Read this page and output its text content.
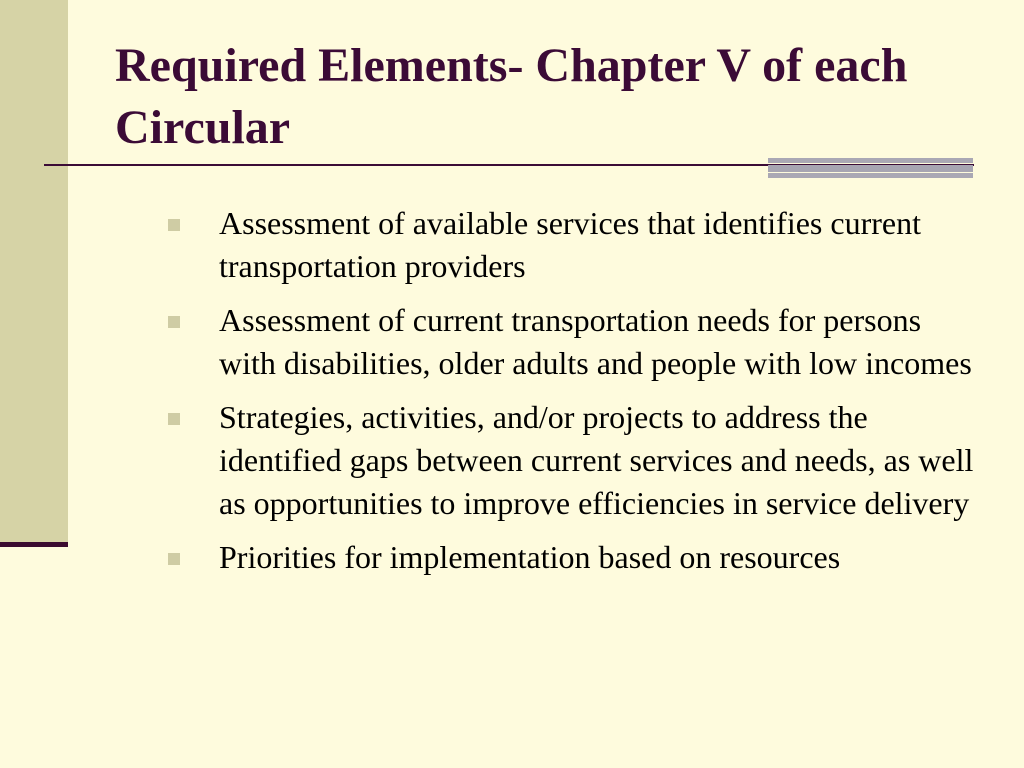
Required Elements- Chapter V of each Circular
Assessment of available services that identifies current transportation providers
Assessment of current transportation needs for persons with disabilities, older adults and people with low incomes
Strategies, activities, and/or projects to address the identified gaps between current services and needs, as well as opportunities to improve efficiencies in service delivery
Priorities for implementation based on resources
